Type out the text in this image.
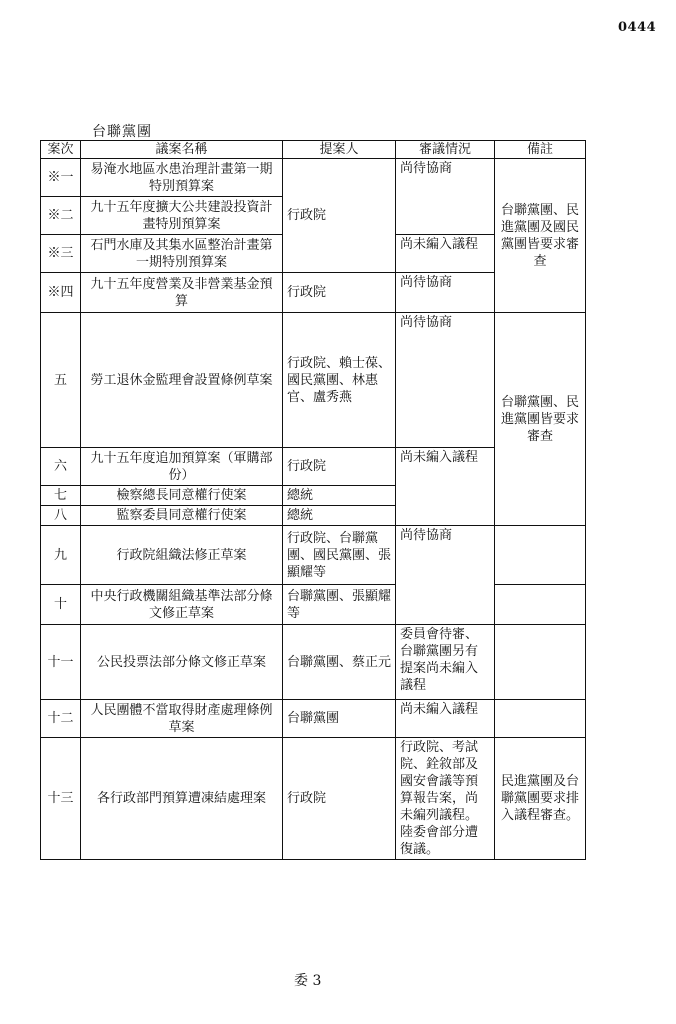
0444
台聯黨團
案次	議案名稱	提案人	審議情況	備註
※一	易淹水地區水患治理計畫第一期特別預算案	行政院	尚待協商	台聯黨團、民進黨團及國民黨團皆要求審查
※二	九十五年度擴大公共建設投資計畫特別預算案			
※三	石門水庫及其集水區整治計畫第一期特別預算案		尚未編入議程	
※四	九十五年度營業及非營業基金預算	行政院	尚待協商	
五	勞工退休金監理會設置條例草案	行政院、賴士葆、國民黨團、林惠官、盧秀燕	尚待協商	台聯黨團、民進黨團皆要求審查
六	九十五年度追加預算案（軍購部份）	行政院	尚未編入議程	
七	檢察總長同意權行使案	總統		
八	監察委員同意權行使案	總統		
九	行政院組織法修正草案	行政院、台聯黨團、國民黨團、張顯耀等	尚待協商	
十	中央行政機關組織基準法部分條文修正草案	台聯黨團、張顯耀等		
十一	公民投票法部分條文修正草案	台聯黨團、蔡正元	委員會待審、台聯黨團另有提案尚未編入議程	
十二	人民團體不當取得財產處理條例草案	台聯黨團	尚未編入議程	
十三	各行政部門預算遭凍結處理案	行政院	行政院、考試院、銓敘部及國安會議等預算報告案，尚未編列議程。陸委會部分遭復議。	民進黨團及台聯黨團要求排入議程審查。
委 3
